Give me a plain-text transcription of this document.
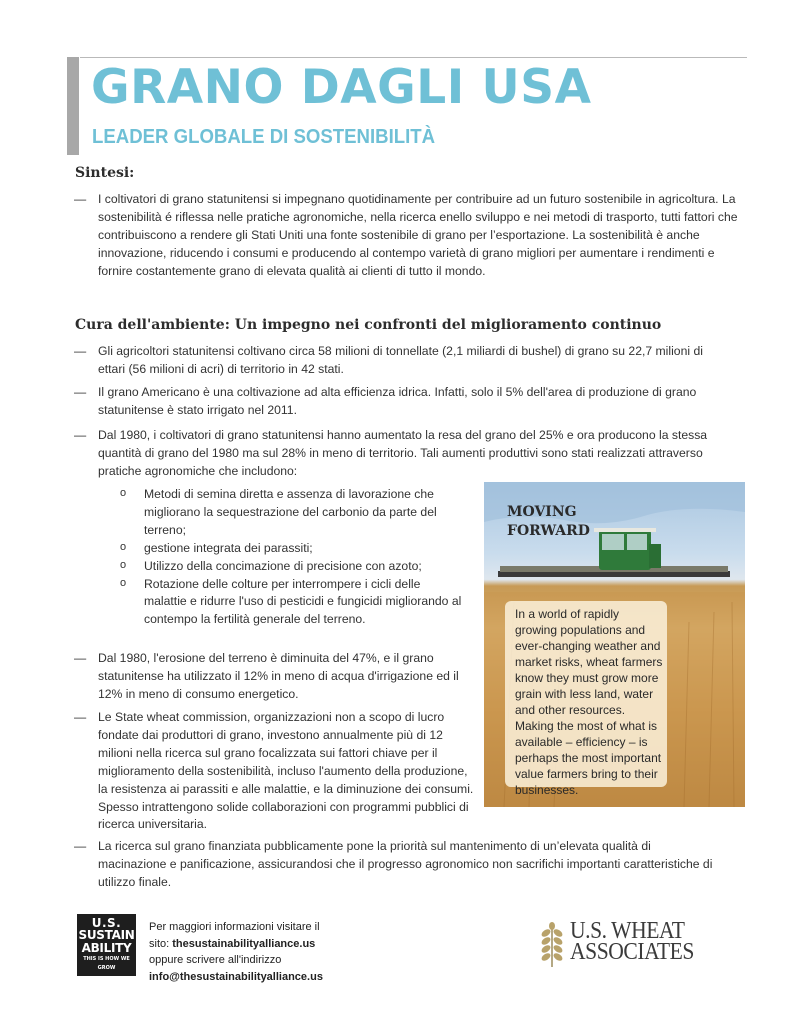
GRANO DAGLI USA
LEADER GLOBALE DI SOSTENIBILITÀ
Sintesi:

— I coltivatori di grano statunitensi si impegnano quotidinamente per contribuire ad un futuro sostenibile in agricoltura. La sostenibilità é riflessa nelle pratiche agronomiche, nella ricerca enello sviluppo e nei metodi di trasporto, tutti fattori che contribuiscono a rendere gli Stati Uniti una fonte sostenibile di grano per l’esportazione. La sostenibilità è anche innovazione, riducendo i consumi e producendo al contempo varietà di grano migliori per aumentare i rendimenti e fornire costantemente grano di elevata qualità ai clienti di tutto il mondo.

Cura dell'ambiente: Un impegno nei confronti del miglioramento continuo

— Gli agricoltori statunitensi coltivano circa 58 milioni di tonnellate (2,1 miliardi di bushel) di grano su 22,7 milioni di ettari (56 milioni di acri) di territorio in 42 stati.

— Il grano Americano è una coltivazione ad alta efficienza idrica. Infatti, solo il 5% dell'area di produzione di grano statunitense è stato irrigato nel 2011.

— Dal 1980, i coltivatori di grano statunitensi hanno aumentato la resa del grano del 25% e ora producono la stessa quantità di grano del 1980 ma sul 28% in meno di territorio. Tali aumenti produttivi sono stati realizzati attraverso pratiche agronomiche che includono:

o Metodi di semina diretta e assenza di lavorazione che migliorano la sequestrazione del carbonio da parte del terreno;
o gestione integrata dei parassiti;
o Utilizzo della concimazione di precisione con azoto;
o Rotazione delle colture per interrompere i cicli delle malattie e ridurre l'uso di pesticidi e fungicidi migliorando al contempo la fertilità generale del terreno.

— Dal 1980, l'erosione del terreno è diminuita del 47%, e il grano statunitense ha utilizzato il 12% in meno di acqua d'irrigazione ed il 12% in meno di consumo energetico.

— Le State wheat commission, organizzazioni non a scopo di lucro fondate dai produttori di grano, investono annualmente più di 12 milioni nella ricerca sul grano focalizzata sui fattori chiave per il miglioramento della sostenibilità, incluso l'aumento della produzione, la resistenza ai parassiti e alle malattie, e la diminuzione dei consumi. Spesso intrattengono solide collaborazioni con programmi pubblici di ricerca universitaria.

— La ricerca sul grano finanziata pubblicamente pone la priorità sul mantenimento di un’elevata qualità di macinazione e panificazione, assicurandosi che il progresso agronomico non sacrifichi importanti caratteristiche di utilizzo finale.

MOVING
FORWARD

In a world of rapidly growing populations and ever-changing weather and market risks, wheat farmers know they must grow more grain with less land, water and other resources. Making the most of what is available – efficiency – is perhaps the most important value farmers bring to their businesses.

U.S.
SUSTAIN
ABILITY
THIS IS HOW WE GROW

Per maggiori informazioni visitare il
sito: thesustainabilityalliance.us
oppure scrivere all'indirizzo
info@thesustainabilityalliance.us

U.S. WHEAT
ASSOCIATES
